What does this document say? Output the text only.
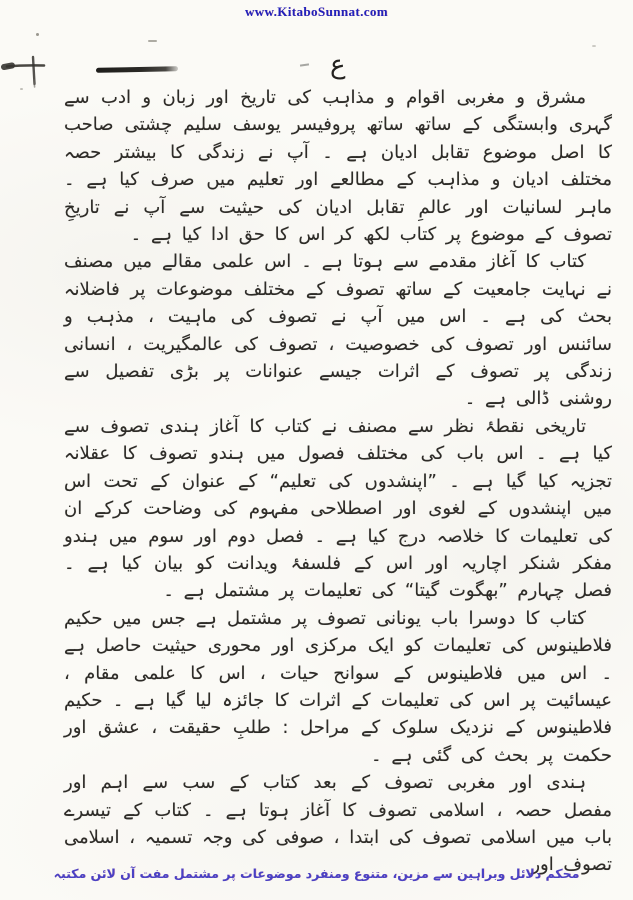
www.KitaboSunnat.com
ع

مشرق و مغربی اقوام و مذاہب کی تاریخ اور زبان و ادب سے گہری وابستگی کے ساتھ ساتھ پروفیسر یوسف سلیم چشتی صاحب کا اصل موضوع تقابل ادیان ہے ۔ آپ نے زندگی کا بیشتر حصہ مختلف ادیان و مذاہب کے مطالعے اور تعلیم میں صرف کیا ہے ۔ ماہر لسانیات اور عالمِ تقابل ادیان کی حیثیت سے آپ نے تاریخِ تصوف کے موضوع پر کتاب لکھ کر اس کا حق ادا کیا ہے ۔

کتاب کا آغاز مقدمے سے ہوتا ہے ۔ اس علمی مقالے میں مصنف نے نہایت جامعیت کے ساتھ تصوف کے مختلف موضوعات پر فاضلانہ بحث کی ہے ۔ اس میں آپ نے تصوف کی ماہیت ، مذہب و سائنس اور تصوف کی خصوصیت ، تصوف کی عالمگیریت ، انسانی زندگی پر تصوف کے اثرات جیسے عنوانات پر بڑی تفصیل سے روشنی ڈالی ہے ۔

تاریخی نقطۂ نظر سے مصنف نے کتاب کا آغاز ہندی تصوف سے کیا ہے ۔ اس باب کی مختلف فصول میں ہندو تصوف کا عقلانہ تجزیہ کیا گیا ہے ۔ ”اپنشدوں کی تعلیم“ کے عنوان کے تحت اس میں اپنشدوں کے لغوی اور اصطلاحی مفہوم کی وضاحت کرکے ان کی تعلیمات کا خلاصہ درج کیا ہے ۔ فصل دوم اور سوم میں ہندو مفکر شنکر اچاریہ اور اس کے فلسفۂ ویدانت کو بیان کیا ہے ۔ فصل چہارم ”بھگوت گیتا“ کی تعلیمات پر مشتمل ہے ۔

کتاب کا دوسرا باب یونانی تصوف پر مشتمل ہے جس میں حکیم فلاطینوس کی تعلیمات کو ایک مرکزی اور محوری حیثیت حاصل ہے ۔ اس میں فلاطینوس کے سوانح حیات ، اس کا علمی مقام ، عیسائیت پر اس کی تعلیمات کے اثرات کا جائزہ لیا گیا ہے ۔ حکیم فلاطینوس کے نزدیک سلوک کے مراحل : طلبِ حقیقت ، عشق اور حکمت پر بحث کی گئی ہے ۔

ہندی اور مغربی تصوف کے بعد کتاب کے سب سے اہم اور مفصل حصہ ، اسلامی تصوف کا آغاز ہوتا ہے ۔ کتاب کے تیسرے باب میں اسلامی تصوف کی ابتدا ، صوفی کی وجہ تسمیہ ، اسلامی تصوف اور

محکم دلائل وبراہین سے مزین، متنوع ومنفرد موضوعات پر مشتمل مفت آن لائن مکتبہ
